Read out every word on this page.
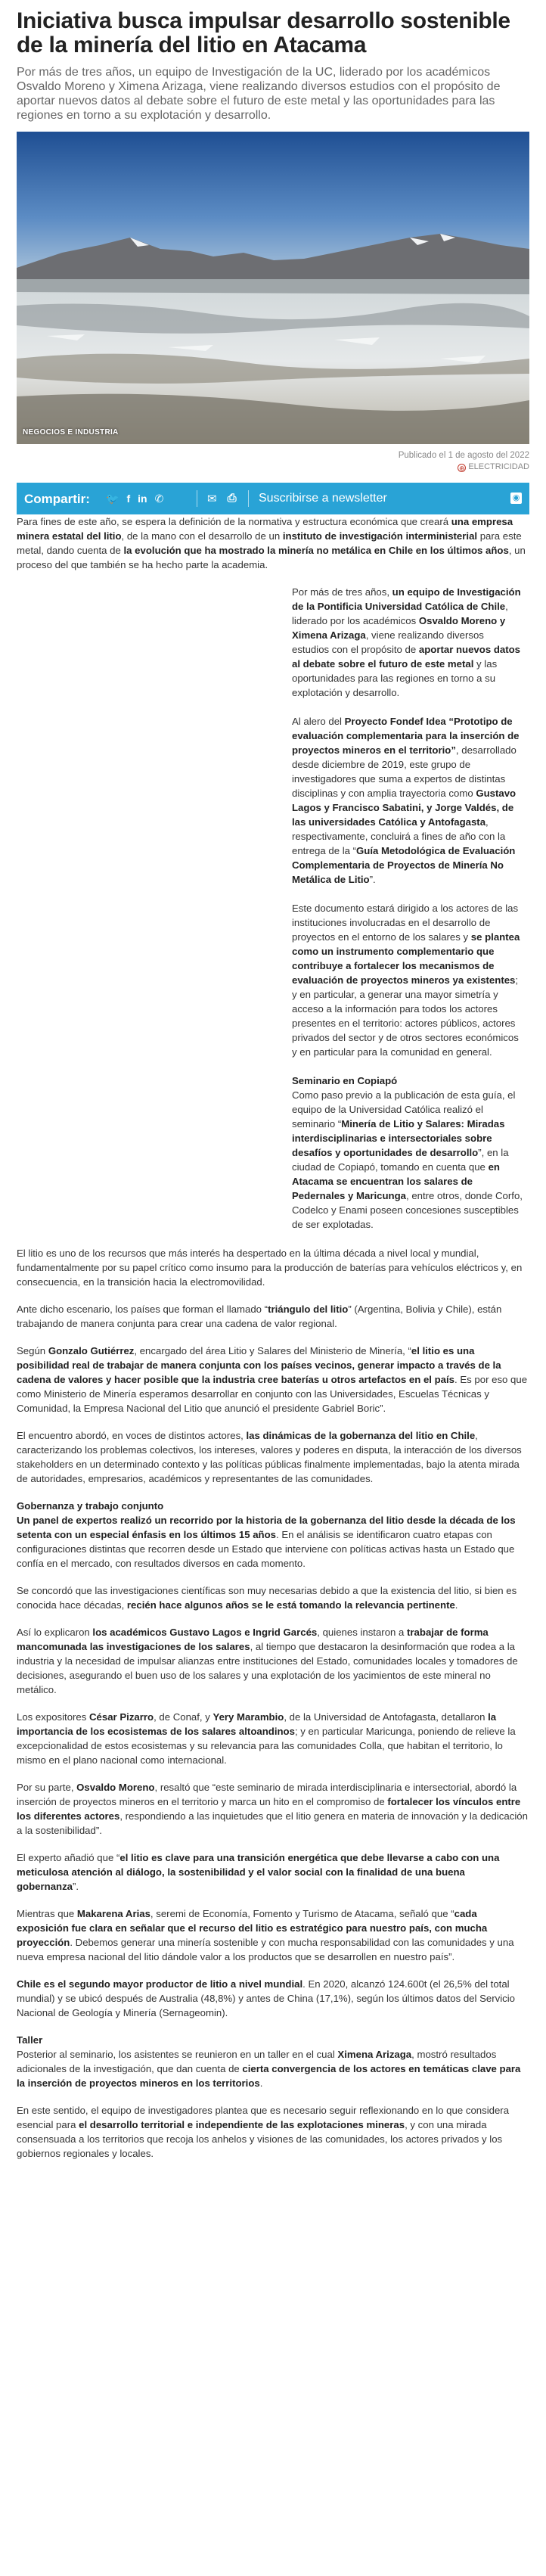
Iniciativa busca impulsar desarrollo sostenible de la minería del litio en Atacama

Por más de tres años, un equipo de Investigación de la UC, liderado por los académicos Osvaldo Moreno y Ximena Arizaga, viene realizando diversos estudios con el propósito de aportar nuevos datos al debate sobre el futuro de este metal y las oportunidades para las regiones en torno a su explotación y desarrollo.

NEGOCIOS E INDUSTRIA
Publicado el 1 de agosto del 2022
⊕ ELECTRICIDAD
Compartir: 🐦 f in ✆	✉ ⎙ Suscribirse a newsletter	◉

Para fines de este año, se espera la definición de la normativa y estructura económica que creará una empresa minera estatal del litio, de la mano con el desarrollo de un instituto de investigación interministerial para este metal, dando cuenta de la evolución que ha mostrado la minería no metálica en Chile en los últimos años, un proceso del que también se ha hecho parte la academia.

Por más de tres años, un equipo de Investigación de la Pontificia Universidad Católica de Chile, liderado por los académicos Osvaldo Moreno y Ximena Arizaga, viene realizando diversos estudios con el propósito de aportar nuevos datos al debate sobre el futuro de este metal y las oportunidades para las regiones en torno a su explotación y desarrollo.

Al alero del Proyecto Fondef Idea “Prototipo de evaluación complementaria para la inserción de proyectos mineros en el territorio”, desarrollado desde diciembre de 2019, este grupo de investigadores que suma a expertos de distintas disciplinas y con amplia trayectoria como Gustavo Lagos y Francisco Sabatini, y Jorge Valdés, de las universidades Católica y Antofagasta, respectivamente, concluirá a fines de año con la entrega de la “Guía Metodológica de Evaluación Complementaria de Proyectos de Minería No Metálica de Litio”.

Este documento estará dirigido a los actores de las instituciones involucradas en el desarrollo de proyectos en el entorno de los salares y se plantea como un instrumento complementario que contribuye a fortalecer los mecanismos de evaluación de proyectos mineros ya existentes; y en particular, a generar una mayor simetría y acceso a la información para todos los actores presentes en el territorio: actores públicos, actores privados del sector y de otros sectores económicos y en particular para la comunidad en general.

Seminario en Copiapó
Como paso previo a la publicación de esta guía, el equipo de la Universidad Católica realizó el seminario “Minería de Litio y Salares: Miradas interdisciplinarias e intersectoriales sobre desafíos y oportunidades de desarrollo”, en la ciudad de Copiapó, tomando en cuenta que en Atacama se encuentran los salares de Pedernales y Maricunga, entre otros, donde Corfo, Codelco y Enami poseen concesiones susceptibles de ser explotadas.

El litio es uno de los recursos que más interés ha despertado en la última década a nivel local y mundial, fundamentalmente por su papel crítico como insumo para la producción de baterías para vehículos eléctricos y, en consecuencia, en la transición hacia la electromovilidad.

Ante dicho escenario, los países que forman el llamado “triángulo del litio” (Argentina, Bolivia y Chile), están trabajando de manera conjunta para crear una cadena de valor regional.

Según Gonzalo Gutiérrez, encargado del área Litio y Salares del Ministerio de Minería, “el litio es una posibilidad real de trabajar de manera conjunta con los países vecinos, generar impacto a través de la cadena de valores y hacer posible que la industria cree baterías u otros artefactos en el país. Es por eso que como Ministerio de Minería esperamos desarrollar en conjunto con las Universidades, Escuelas Técnicas y Comunidad, la Empresa Nacional del Litio que anunció el presidente Gabriel Boric”.

El encuentro abordó, en voces de distintos actores, las dinámicas de la gobernanza del litio en Chile, caracterizando los problemas colectivos, los intereses, valores y poderes en disputa, la interacción de los diversos stakeholders en un determinado contexto y las políticas públicas finalmente implementadas, bajo la atenta mirada de autoridades, empresarios, académicos y representantes de las comunidades.

Gobernanza y trabajo conjunto
Un panel de expertos realizó un recorrido por la historia de la gobernanza del litio desde la década de los setenta con un especial énfasis en los últimos 15 años. En el análisis se identificaron cuatro etapas con configuraciones distintas que recorren desde un Estado que interviene con políticas activas hasta un Estado que confía en el mercado, con resultados diversos en cada momento.

Se concordó que las investigaciones científicas son muy necesarias debido a que la existencia del litio, si bien es conocida hace décadas, recién hace algunos años se le está tomando la relevancia pertinente.

Así lo explicaron los académicos Gustavo Lagos e Ingrid Garcés, quienes instaron a trabajar de forma mancomunada las investigaciones de los salares, al tiempo que destacaron la desinformación que rodea a la industria y la necesidad de impulsar alianzas entre instituciones del Estado, comunidades locales y tomadores de decisiones, asegurando el buen uso de los salares y una explotación de los yacimientos de este mineral no metálico.

Los expositores César Pizarro, de Conaf, y Yery Marambio, de la Universidad de Antofagasta, detallaron la importancia de los ecosistemas de los salares altoandinos; y en particular Maricunga, poniendo de relieve la excepcionalidad de estos ecosistemas y su relevancia para las comunidades Colla, que habitan el territorio, lo mismo en el plano nacional como internacional.

Por su parte, Osvaldo Moreno, resaltó que “este seminario de mirada interdisciplinaria e intersectorial, abordó la inserción de proyectos mineros en el territorio y marca un hito en el compromiso de fortalecer los vínculos entre los diferentes actores, respondiendo a las inquietudes que el litio genera en materia de innovación y la dedicación a la sostenibilidad”.

El experto añadió que “el litio es clave para una transición energética que debe llevarse a cabo con una meticulosa atención al diálogo, la sostenibilidad y el valor social con la finalidad de una buena gobernanza”.

Mientras que Makarena Arias, seremi de Economía, Fomento y Turismo de Atacama, señaló que “cada exposición fue clara en señalar que el recurso del litio es estratégico para nuestro país, con mucha proyección. Debemos generar una minería sostenible y con mucha responsabilidad con las comunidades y una nueva empresa nacional del litio dándole valor a los productos que se desarrollen en nuestro país”.

Chile es el segundo mayor productor de litio a nivel mundial. En 2020, alcanzó 124.600t (el 26,5% del total mundial) y se ubicó después de Australia (48,8%) y antes de China (17,1%), según los últimos datos del Servicio Nacional de Geología y Minería (Sernageomin).

Taller
Posterior al seminario, los asistentes se reunieron en un taller en el cual Ximena Arizaga, mostró resultados adicionales de la investigación, que dan cuenta de cierta convergencia de los actores en temáticas clave para la inserción de proyectos mineros en los territorios.

En este sentido, el equipo de investigadores plantea que es necesario seguir reflexionando en lo que considera esencial para el desarrollo territorial e independiente de las explotaciones mineras, y con una mirada consensuada a los territorios que recoja los anhelos y visiones de las comunidades, los actores privados y los gobiernos regionales y locales.
